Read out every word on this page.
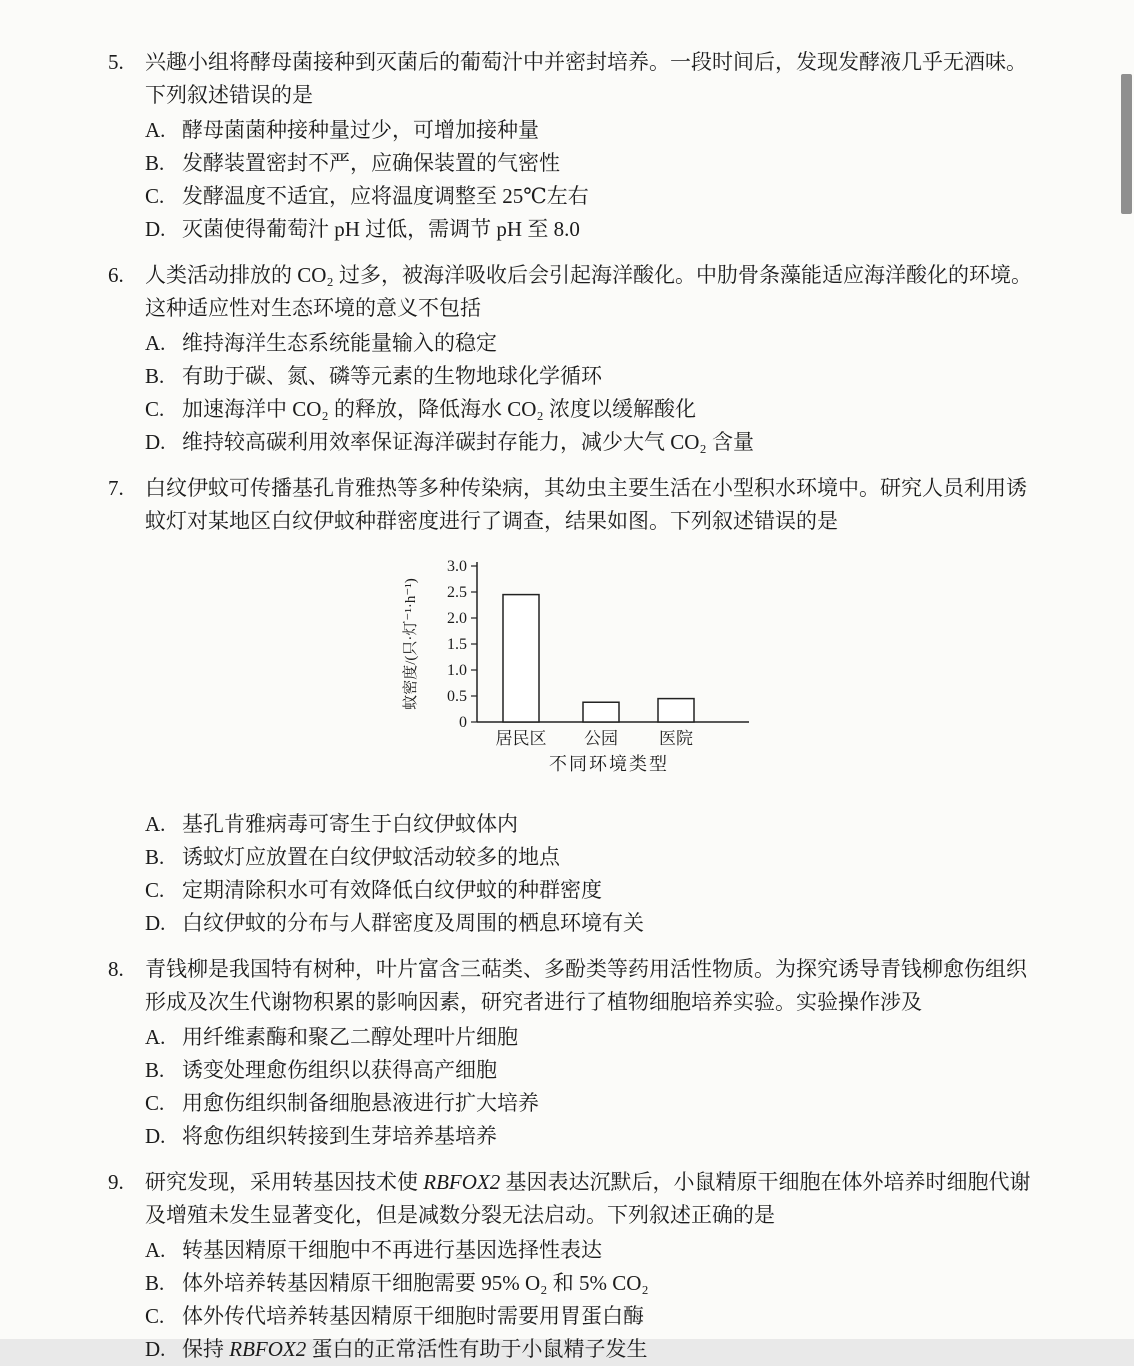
5.	兴趣小组将酵母菌接种到灭菌后的葡萄汁中并密封培养。一段时间后，发现发酵液几乎无酒味。下列叙述错误的是
A. 酵母菌菌种接种量过少，可增加接种量
B. 发酵装置密封不严，应确保装置的气密性
C. 发酵温度不适宜，应将温度调整至 25℃左右
D. 灭菌使得葡萄汁 pH 过低，需调节 pH 至 8.0
6.	人类活动排放的 CO₂ 过多，被海洋吸收后会引起海洋酸化。中肋骨条藻能适应海洋酸化的环境。这种适应性对生态环境的意义不包括
A. 维持海洋生态系统能量输入的稳定
B. 有助于碳、氮、磷等元素的生物地球化学循环
C. 加速海洋中 CO₂ 的释放，降低海水 CO₂ 浓度以缓解酸化
D. 维持较高碳利用效率保证海洋碳封存能力，减少大气 CO₂ 含量
7.	白纹伊蚊可传播基孔肯雅热等多种传染病，其幼虫主要生活在小型积水环境中。研究人员利用诱蚊灯对某地区白纹伊蚊种群密度进行了调查，结果如图。下列叙述错误的是
蚊密度/(只·灯⁻¹·h⁻¹)
0
0.5
1.0
1.5
2.0
2.5
3.0
居民区 公园 医院
不同环境类型
A. 基孔肯雅病毒可寄生于白纹伊蚊体内
B. 诱蚊灯应放置在白纹伊蚊活动较多的地点
C. 定期清除积水可有效降低白纹伊蚊的种群密度
D. 白纹伊蚊的分布与人群密度及周围的栖息环境有关
8.	青钱柳是我国特有树种，叶片富含三萜类、多酚类等药用活性物质。为探究诱导青钱柳愈伤组织形成及次生代谢物积累的影响因素，研究者进行了植物细胞培养实验。实验操作涉及
A. 用纤维素酶和聚乙二醇处理叶片细胞
B. 诱变处理愈伤组织以获得高产细胞
C. 用愈伤组织制备细胞悬液进行扩大培养
D. 将愈伤组织转接到生芽培养基培养
9.	研究发现，采用转基因技术使 RBFOX2 基因表达沉默后，小鼠精原干细胞在体外培养时细胞代谢及增殖未发生显著变化，但是减数分裂无法启动。下列叙述正确的是
A. 转基因精原干细胞中不再进行基因选择性表达
B. 体外培养转基因精原干细胞需要 95% O₂ 和 5% CO₂
C. 体外传代培养转基因精原干细胞时需要用胃蛋白酶
D. 保持 RBFOX2 蛋白的正常活性有助于小鼠精子发生
